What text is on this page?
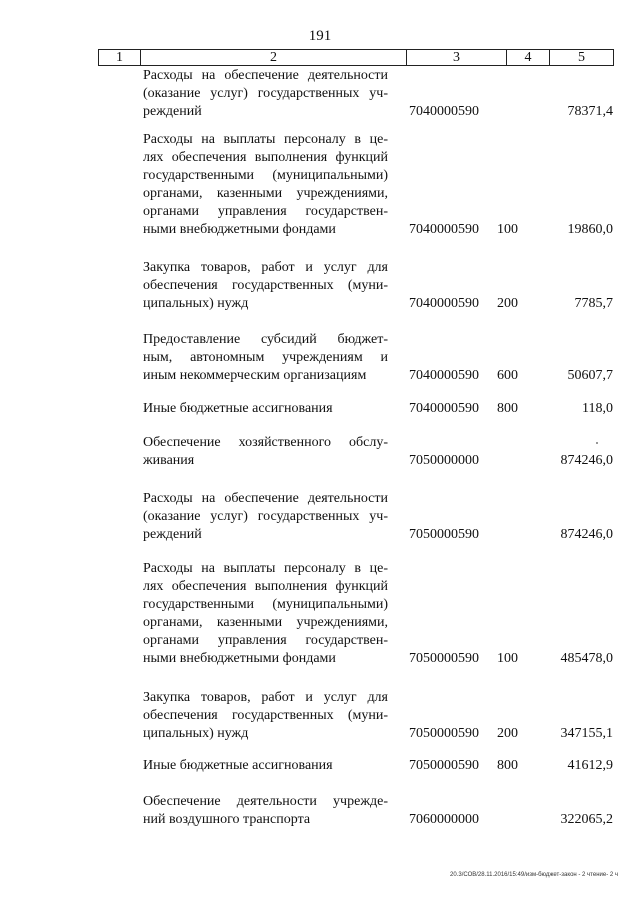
191
1	2	3	4	5
Расходы на обеспечение деятельности
(оказание услуг) государственных уч-
реждений	7040000590	78371,4
Расходы на выплаты персоналу в це-
лях обеспечения выполнения функций
государственными (муниципальными)
органами, казенными учреждениями,
органами управления государствен-
ными внебюджетными фондами	7040000590 100	19860,0
Закупка товаров, работ и услуг для
обеспечения государственных (муни-
ципальных) нужд	7040000590 200	7785,7
Предоставление субсидий бюджет-
ным, автономным учреждениям и
иным некоммерческим организациям	7040000590 600	50607,7
Иные бюджетные ассигнования	7040000590 800	118,0
Обеспечение хозяйственного обслу-
живания	7050000000	874246,0
Расходы на обеспечение деятельности
(оказание услуг) государственных уч-
реждений	7050000590	874246,0
Расходы на выплаты персоналу в це-
лях обеспечения выполнения функций
государственными (муниципальными)
органами, казенными учреждениями,
органами управления государствен-
ными внебюджетными фондами	7050000590 100	485478,0
Закупка товаров, работ и услуг для
обеспечения государственных (муни-
ципальных) нужд	7050000590 200	347155,1
Иные бюджетные ассигнования	7050000590 800	41612,9
Обеспечение деятельности учрежде-
ний воздушного транспорта	7060000000	322065,2
20.3/СОВ/28.11.2016/15:49/изм-бюджет-закон - 2 чтение- 2 ч
